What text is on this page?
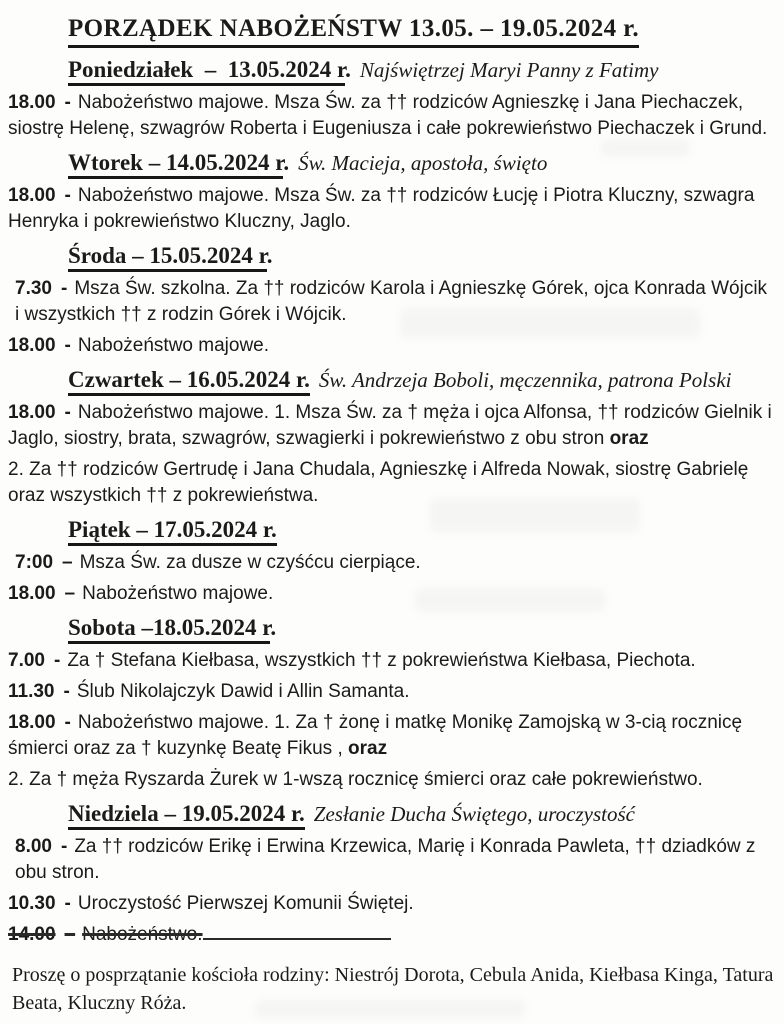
PORZĄDEK NABOŻEŃSTW 13.05. – 19.05.2024 r.

Poniedziałek  –  13.05.2024 r. Najświętrzej Maryi Panny z Fatimy

18.00 - Nabożeństwo majowe. Msza Św. za †† rodziców Agnieszkę i Jana Piechaczek, siostrę Helenę, szwagrów Roberta i Eugeniusza i całe pokrewieństwo Piechaczek i Grund.

Wtorek – 14.05.2024 r. Św. Macieja, apostoła, święto

18.00 - Nabożeństwo majowe. Msza Św. za †† rodziców Łucję i Piotra Kluczny, szwagra Henryka i pokrewieństwo Kluczny, Jaglo.

Środa – 15.05.2024 r.

7.30 - Msza Św. szkolna. Za †† rodziców Karola i Agnieszkę Górek, ojca Konrada Wójcik i wszystkich †† z rodzin Górek i Wójcik.

18.00 - Nabożeństwo majowe.

Czwartek – 16.05.2024 r. Św. Andrzeja Boboli, męczennika, patrona Polski

18.00 - Nabożeństwo majowe. 1. Msza Św. za † męża i ojca Alfonsa, †† rodziców Gielnik i Jaglo, siostry, brata, szwagrów, szwagierki i pokrewieństwo z obu stron oraz

2. Za †† rodziców Gertrudę i Jana Chudala, Agnieszkę i Alfreda Nowak, siostrę Gabrielę oraz wszystkich †† z pokrewieństwa.

Piątek – 17.05.2024 r.

7:00 – Msza Św. za dusze w czyśćcu cierpiące.

18.00 – Nabożeństwo majowe.

Sobota –18.05.2024 r.

7.00 - Za † Stefana Kiełbasa, wszystkich †† z pokrewieństwa Kiełbasa, Piechota.

11.30 - Ślub Nikolajczyk Dawid i Allin Samanta.

18.00 - Nabożeństwo majowe. 1. Za † żonę i matkę Monikę Zamojską w 3-cią rocznicę śmierci oraz za † kuzynkę Beatę Fikus , oraz

2. Za † męża Ryszarda Żurek w 1-wszą rocznicę śmierci oraz całe pokrewieństwo.

Niedziela – 19.05.2024 r. Zesłanie Ducha Świętego, uroczystość

8.00 - Za †† rodziców Erikę i Erwina Krzewica, Marię i Konrada Pawleta, †† dziadków z obu stron.

10.30 - Uroczystość Pierwszej Komunii Świętej.

14.00 – Nabożeństwo.

Proszę o posprzątanie kościoła rodziny: Niestrój Dorota, Cebula Anida, Kiełbasa Kinga, Tatura Beata, Kluczny Róża.
